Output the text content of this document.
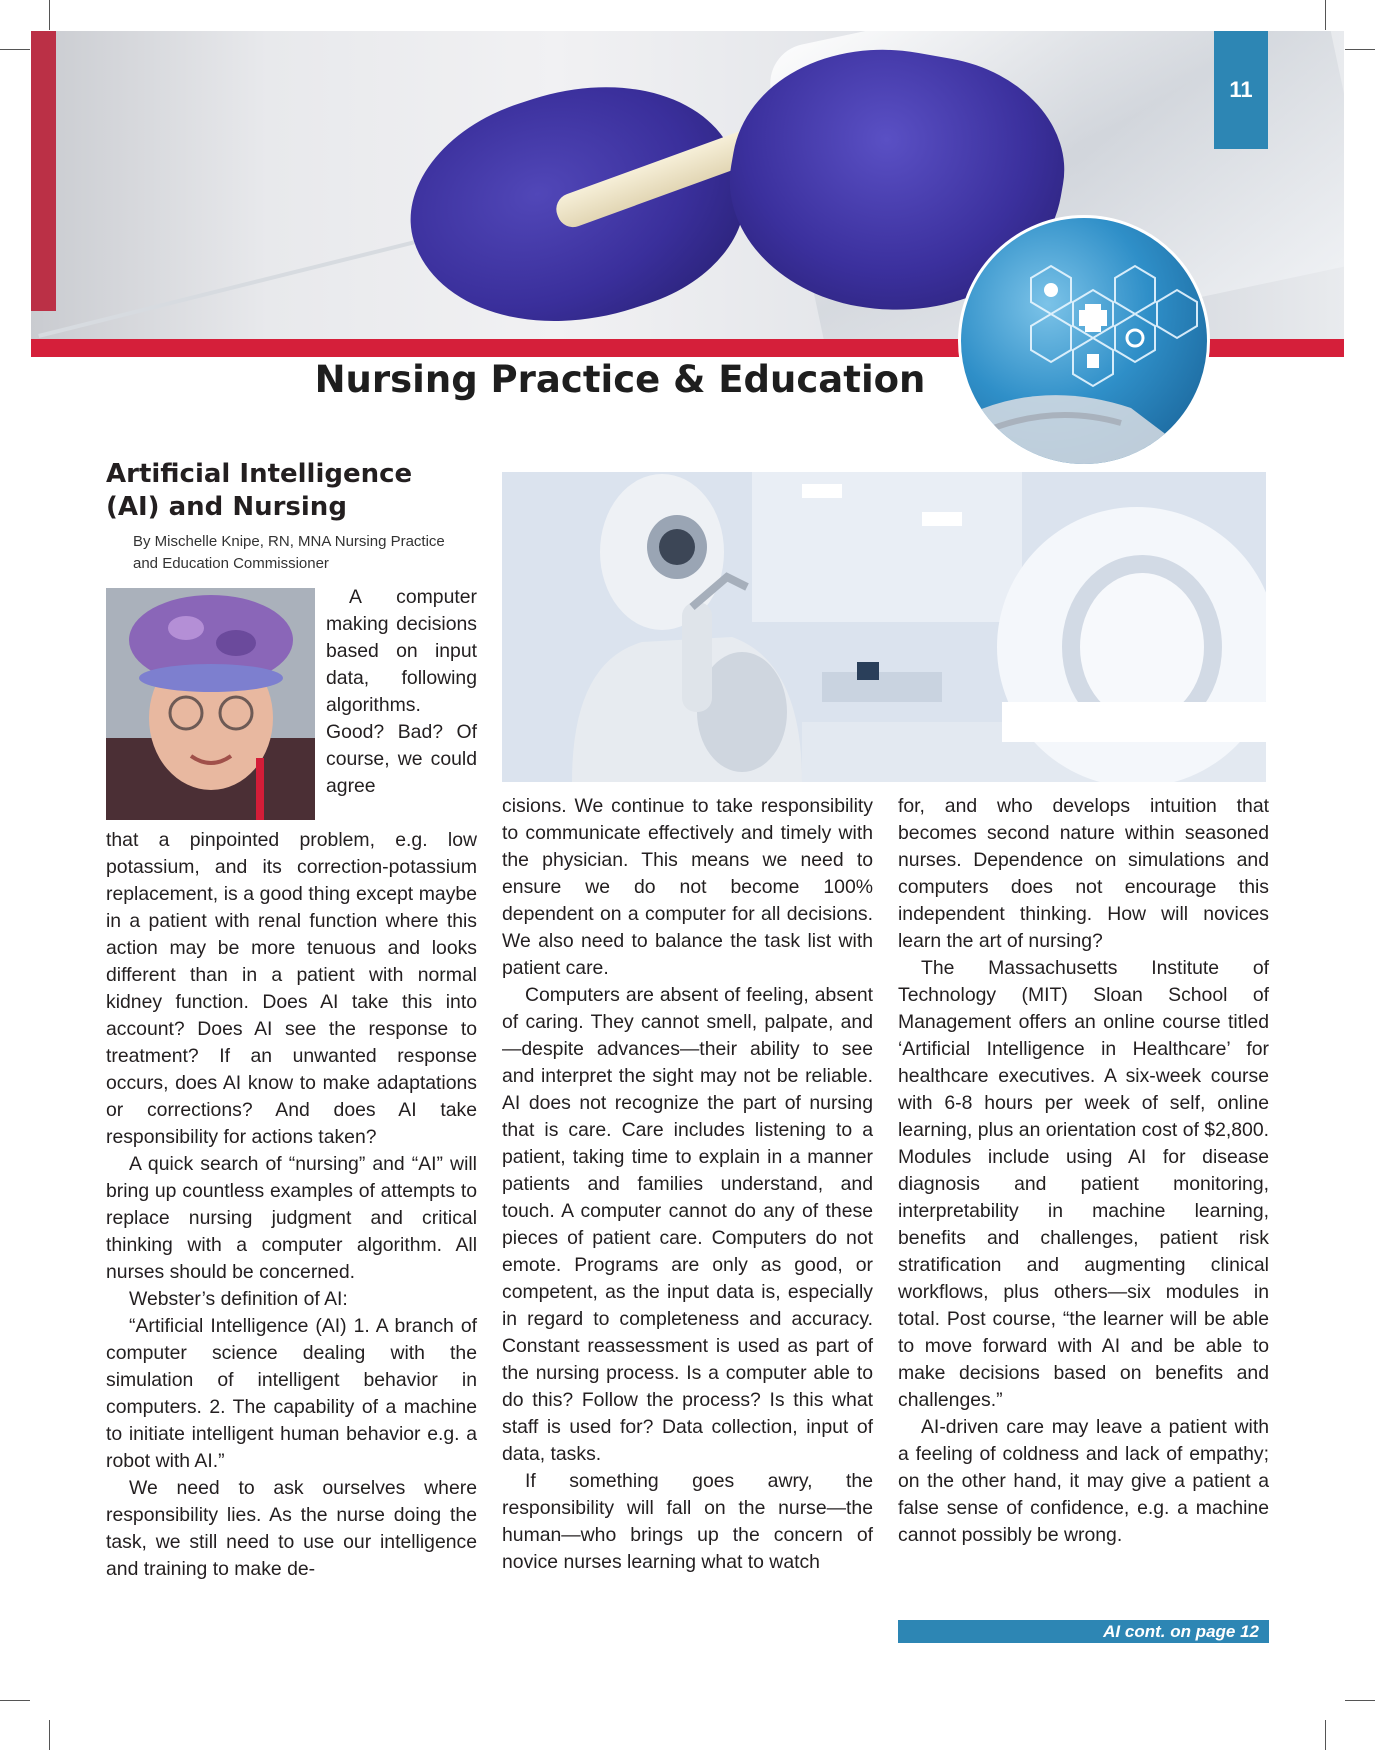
11
Nursing Practice & Education
Artificial Intelligence (AI) and Nursing
By Mischelle Knipe, RN, MNA Nursing Practice and Education Commissioner

A computer making decisions based on input data, following algorithms. Good? Bad? Of course, we could agree

that a pinpointed problem, e.g. low potassium, and its correction-potassium replacement, is a good thing except maybe in a patient with renal function where this action may be more tenuous and looks different than in a patient with normal kidney function. Does AI take this into account? Does AI see the response to treatment? If an unwanted response occurs, does AI know to make adaptations or corrections? And does AI take responsibility for actions taken?

A quick search of “nursing” and “AI” will bring up countless examples of attempts to replace nursing judgment and critical thinking with a computer algorithm. All nurses should be concerned.

Webster’s definition of AI:

“Artificial Intelligence (AI) 1. A branch of computer science dealing with the simulation of intelligent behavior in computers. 2. The capability of a machine to initiate intelligent human behavior e.g. a robot with AI.”

We need to ask ourselves where responsibility lies. As the nurse doing the task, we still need to use our intelligence and training to make de-

cisions. We continue to take responsibility to communicate effectively and timely with the physician. This means we need to ensure we do not become 100% dependent on a computer for all decisions. We also need to balance the task list with patient care.

Computers are absent of feeling, absent of caring. They cannot smell, palpate, and—despite advances—their ability to see and interpret the sight may not be reliable. AI does not recognize the part of nursing that is care. Care includes listening to a patient, taking time to explain in a manner patients and families understand, and touch. A computer cannot do any of these pieces of patient care. Computers do not emote. Programs are only as good, or competent, as the input data is, especially in regard to completeness and accuracy. Constant reassessment is used as part of the nursing process. Is a computer able to do this? Follow the process? Is this what staff is used for? Data collection, input of data, tasks.

If something goes awry, the responsibility will fall on the nurse—the human—who brings up the concern of novice nurses learning what to watch

for, and who develops intuition that becomes second nature within seasoned nurses. Dependence on simulations and computers does not encourage this independent thinking. How will novices learn the art of nursing?

The Massachusetts Institute of Technology (MIT) Sloan School of Management offers an online course titled ‘Artificial Intelligence in Healthcare’ for healthcare executives. A six-week course with 6-8 hours per week of self, online learning, plus an orientation cost of $2,800. Modules include using AI for disease diagnosis and patient monitoring, interpretability in machine learning, benefits and challenges, patient risk stratification and augmenting clinical workflows, plus others—six modules in total. Post course, “the learner will be able to move forward with AI and be able to make decisions based on benefits and challenges.”

AI-driven care may leave a patient with a feeling of coldness and lack of empathy; on the other hand, it may give a patient a false sense of confidence, e.g. a machine cannot possibly be wrong.

AI cont. on page 12
